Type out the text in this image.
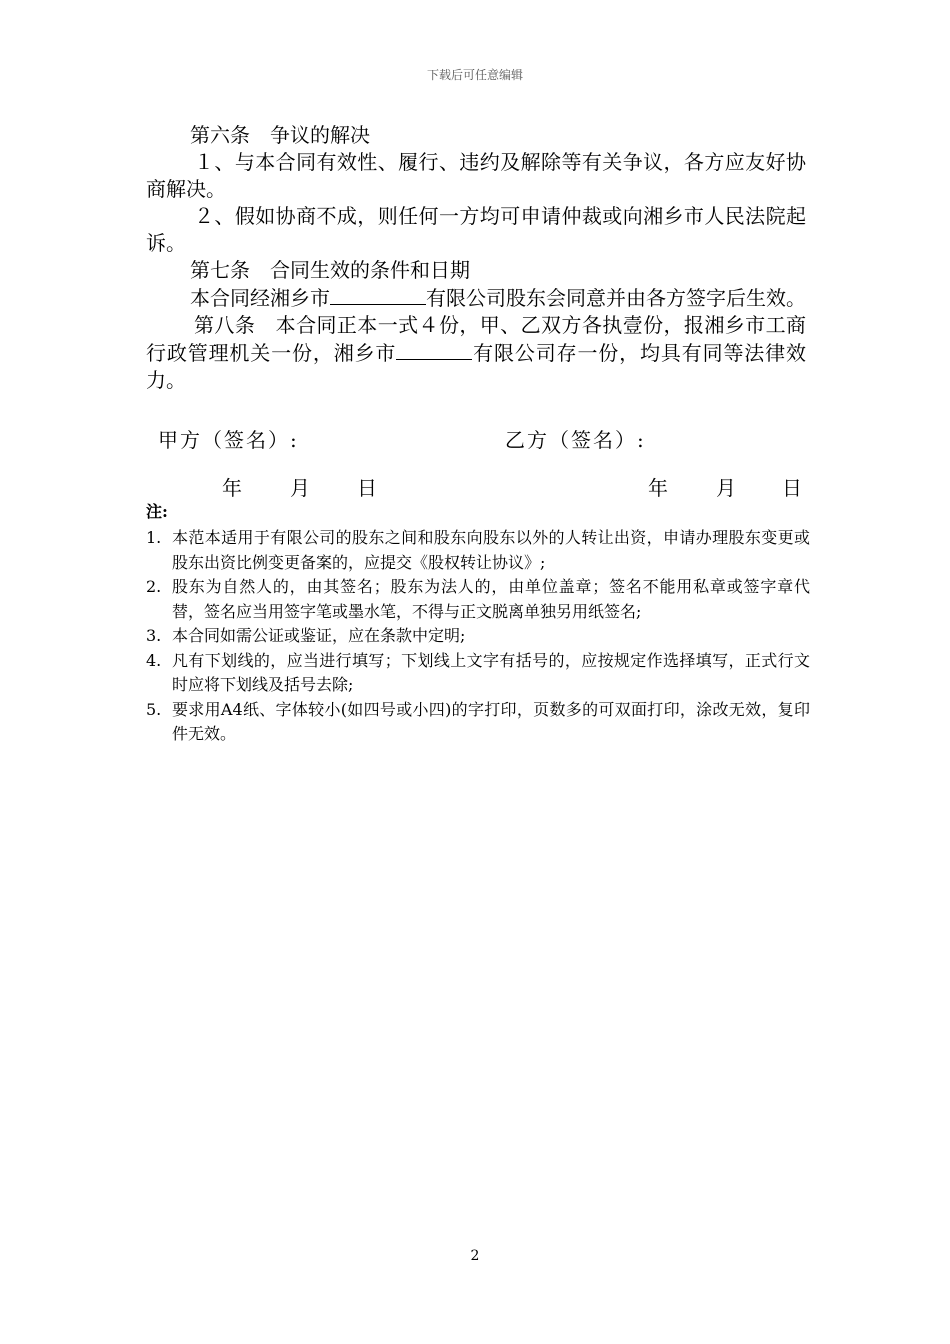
下载后可任意编辑

第六条　争议的解决

１、与本合同有效性、履行、违约及解除等有关争议，各方应友好协商解决。

２、假如协商不成，则任何一方均可申请仲裁或向湘乡市人民法院起诉。

第七条　合同生效的条件和日期

本合同经湘乡市	有限公司股东会同意并由各方签字后生效。

第八条　本合同正本一式４份，甲、乙双方各执壹份，报湘乡市工商行政管理机关一份，湘乡市	有限公司存一份，均具有同等法律效力。

甲方（签名）:	乙方（签名）:
年 月 日	年 月 日

注:

1. 本范本适用于有限公司的股东之间和股东向股东以外的人转让出资，申请办理股东变更或股东出资比例变更备案的，应提交《股权转让协议》;
2. 股东为自然人的，由其签名；股东为法人的，由单位盖章；签名不能用私章或签字章代替，签名应当用签字笔或墨水笔，不得与正文脱离单独另用纸签名;
3. 本合同如需公证或鉴证，应在条款中定明;
4. 凡有下划线的，应当进行填写；下划线上文字有括号的，应按规定作选择填写，正式行文时应将下划线及括号去除;
5. 要求用A4纸、字体较小(如四号或小四)的字打印，页数多的可双面打印，涂改无效，复印件无效。
2
